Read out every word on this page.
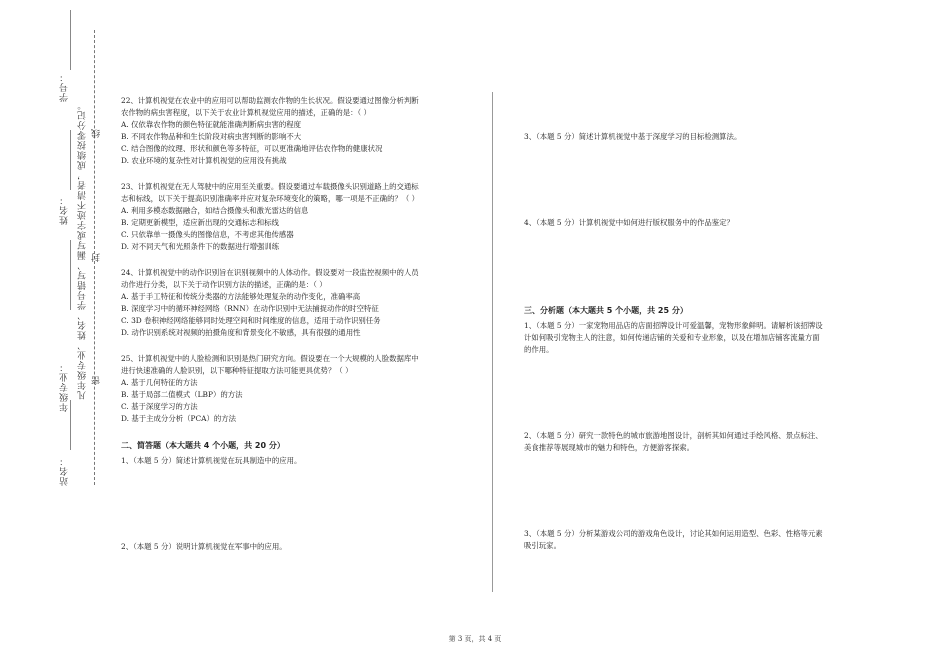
学号：
姓名：
年级专业：
站名：
凡年级专业、姓名、学号错写、漏写或字迹不清者，成绩按零分记。 线
封
密

22、计算机视觉在农业中的应用可以帮助监测农作物的生长状况。假设要通过图像分析判断

农作物的病虫害程度，以下关于农业计算机视觉应用的描述，正确的是：（ ）

A. 仅依靠农作物的颜色特征就能准确判断病虫害的程度

B. 不同农作物品种和生长阶段对病虫害判断的影响不大

C. 结合图像的纹理、形状和颜色等多特征，可以更准确地评估农作物的健康状况

D. 农业环境的复杂性对计算机视觉的应用没有挑战

23、计算机视觉在无人驾驶中的应用至关重要。假设要通过车载摄像头识别道路上的交通标

志和标线，以下关于提高识别准确率并应对复杂环境变化的策略，哪一项是不正确的？（ ）

A. 利用多模态数据融合，如结合摄像头和激光雷达的信息

B. 定期更新模型，适应新出现的交通标志和标线

C. 只依靠单一摄像头的图像信息，不考虑其他传感器

D. 对不同天气和光照条件下的数据进行增强训练

24、计算机视觉中的动作识别旨在识别视频中的人体动作。假设要对一段监控视频中的人员

动作进行分类，以下关于动作识别方法的描述，正确的是：（ ）

A. 基于手工特征和传统分类器的方法能够处理复杂的动作变化，准确率高

B. 深度学习中的循环神经网络（RNN）在动作识别中无法捕捉动作的时空特征

C. 3D 卷积神经网络能够同时处理空间和时间维度的信息，适用于动作识别任务

D. 动作识别系统对视频的拍摄角度和背景变化不敏感，具有很强的通用性

25、计算机视觉中的人脸检测和识别是热门研究方向。假设要在一个大规模的人脸数据库中

进行快速准确的人脸识别，以下哪种特征提取方法可能更具优势？（ ）

A. 基于几何特征的方法

B. 基于局部二值模式（LBP）的方法

C. 基于深度学习的方法

D. 基于主成分分析（PCA）的方法

二、简答题（本大题共 4 个小题，共 20 分）
1、（本题 5 分）简述计算机视觉在玩具制造中的应用。
2、（本题 5 分）说明计算机视觉在军事中的应用。
3、（本题 5 分）简述计算机视觉中基于深度学习的目标检测算法。
4、（本题 5 分）计算机视觉中如何进行版权服务中的作品鉴定？
三、分析题（本大题共 5 个小题，共 25 分）

1、（本题 5 分）一家宠物用品店的店面招牌设计可爱温馨，宠物形象鲜明。请解析该招牌设

计如何吸引宠物主人的注意，如何传递店铺的关爱和专业形象，以及在增加店铺客流量方面

的作用。

2、（本题 5 分）研究一款特色的城市旅游地图设计，剖析其如何通过手绘风格、景点标注、

美食推荐等展现城市的魅力和特色，方便游客探索。

3、（本题 5 分）分析某游戏公司的游戏角色设计，讨论其如何运用造型、色彩、性格等元素

吸引玩家。

第 3 页，共 4 页
